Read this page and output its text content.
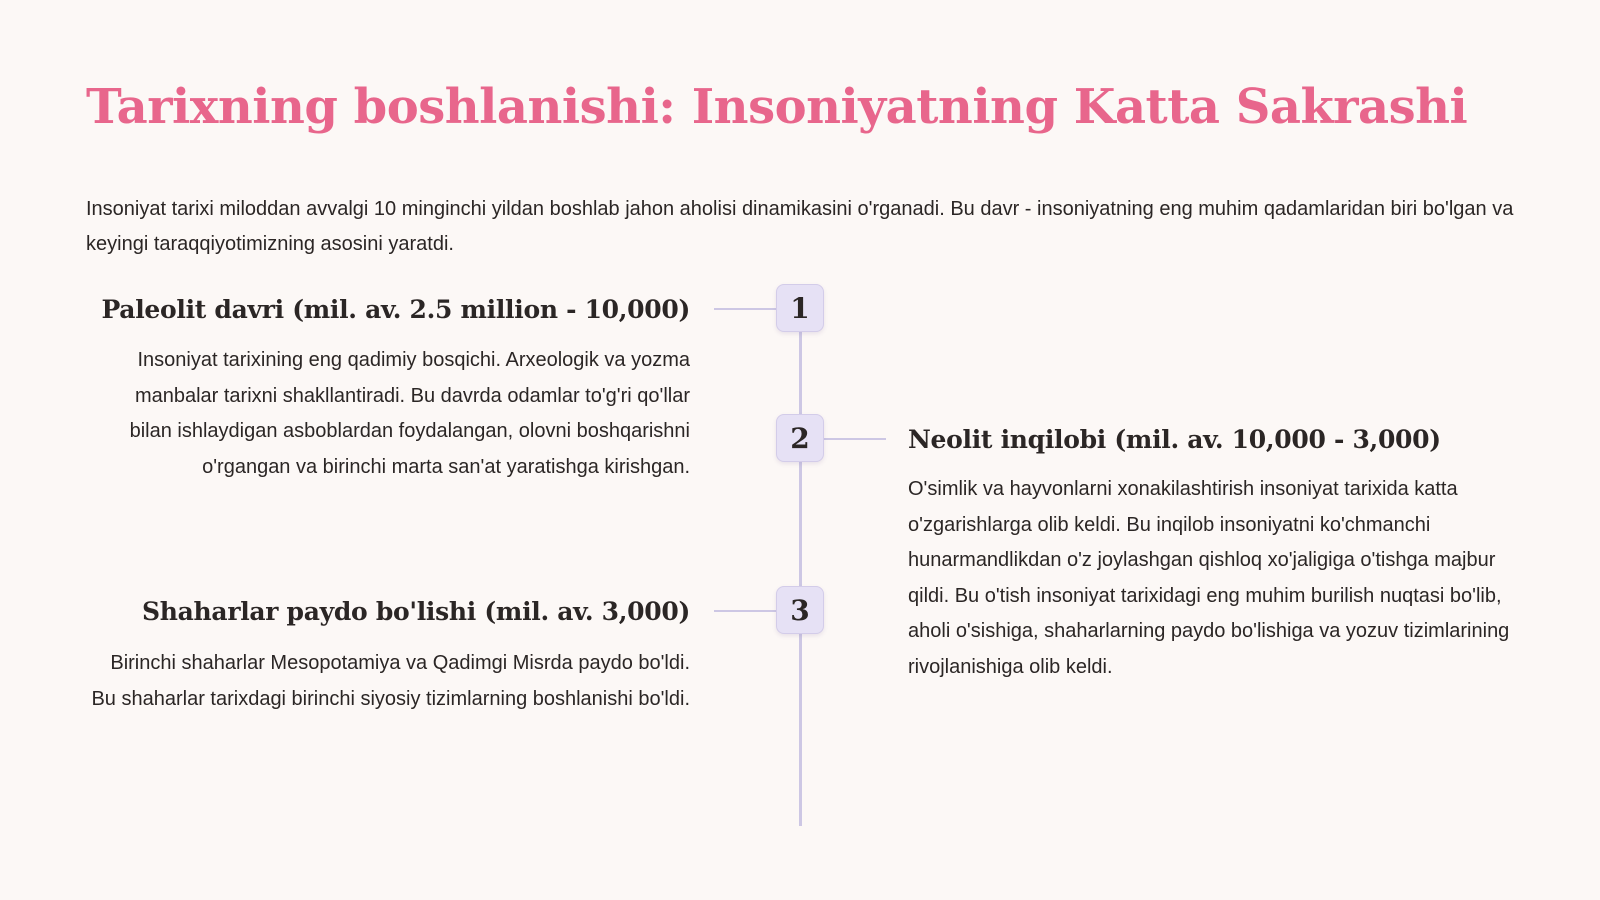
Tarixning boshlanishi: Insoniyatning Katta Sakrashi

Insoniyat tarixi miloddan avvalgi 10 minginchi yildan boshlab jahon aholisi dinamikasini o'rganadi. Bu davr - insoniyatning eng muhim qadamlaridan biri bo'lgan va keyingi taraqqiyotimizning asosini yaratdi.

1
Paleolit davri (mil. av. 2.5 million - 10,000)

Insoniyat tarixining eng qadimiy bosqichi. Arxeologik va yozma manbalar tarixni shakllantiradi. Bu davrda odamlar to'g'ri qo'llar bilan ishlaydigan asboblardan foydalangan, olovni boshqarishni o'rgangan va birinchi marta san'at yaratishga kirishgan.

2	Neolit inqilobi (mil. av. 10,000 - 3,000)

O'simlik va hayvonlarni xonakilashtirish insoniyat tarixida katta o'zgarishlarga olib keldi. Bu inqilob insoniyatni ko'chmanchi hunarmandlikdan o'z joylashgan qishloq xo'jaligiga o'tishga majbur qildi. Bu o'tish insoniyat tarixidagi eng muhim burilish nuqtasi bo'lib, aholi o'sishiga, shaharlarning paydo bo'lishiga va yozuv tizimlarining rivojlanishiga olib keldi.

3
Shaharlar paydo bo'lishi (mil. av. 3,000)

Birinchi shaharlar Mesopotamiya va Qadimgi Misrda paydo bo'ldi. Bu shaharlar tarixdagi birinchi siyosiy tizimlarning boshlanishi bo'ldi.
